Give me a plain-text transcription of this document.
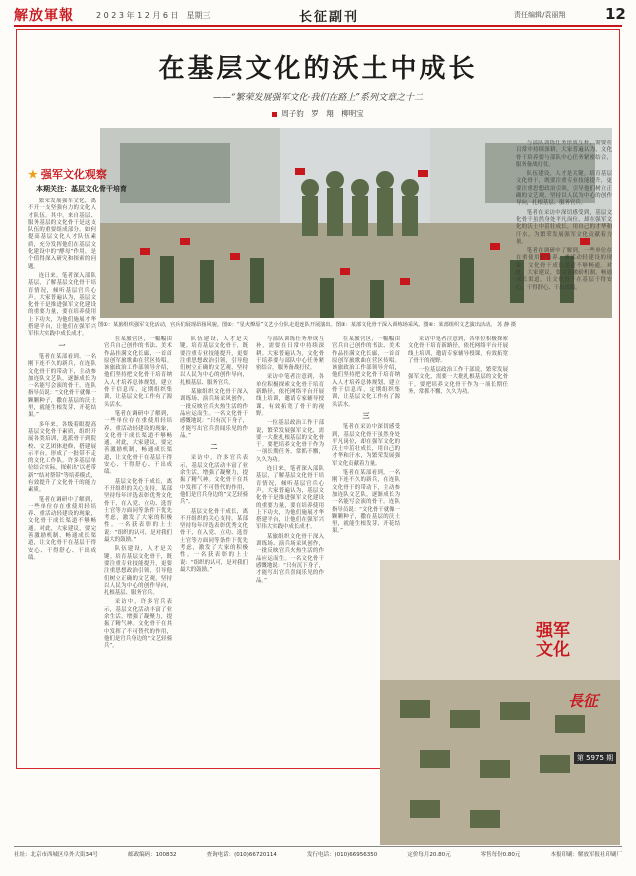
解放軍報	2 0 2 3 年 1 2 月 6 日　星期三	长征副刊	责任编辑/袁丽翔	12
在基层文化的沃土中成长
——“繁荣发展强军文化·我们在路上”系列文章之十二
周子豹　罗　翔　柳明宝
图①：某旅组织强军文化活动，官兵们展现昂扬风貌。图②：“星火燎原”文艺小分队走进连队开展演出。图③：某部文化骨干深入训练场采风。图④：某部组织文艺演出活动。 苏 静 摄
★ 强军文化观察
本期关注：基层文化骨干培育

繁荣发展强军文化，离不开一支坚强有力的文化人才队伍。其中，来自基层、服务基层的文化骨干是这支队伍的重要组成部分。如何提高基层文化人才队伍素质，充分发挥他们在基层文化建设中的“酵母”作用，是个值得深入研究和探索的问题。

连日来，笔者深入部队基层，了解基层文化骨干培育情况，倾听基层官兵心声。大家普遍认为，基层文化骨干是推进强军文化建设的重要力量，要在培养使用上下功夫，为他们施展才华搭建平台，让他们在强军兴军伟大实践中成长成才。

一

笔者在某部看到，一名刚下连不久的新兵，在连队文化骨干的带动下，主动参加连队文艺队，逐渐成长为一名能写会演的骨干。连队指导员说：“文化骨干就像一颗颗种子，撒在基层的沃土里，就能生根发芽、开花结果。”

多年来，各级着眼提高基层文化骨干素质，组织开展各类培训，选派骨干到院校、文艺团体进修，搭建展示平台，形成了一批带不走的文化工作队。许多基层单位结合实际，探索出“以老带新”“结对帮带”等培养模式，有效提升了文化骨干的能力素质。

笔者在调研中了解到，一些单位存在重使用轻培养、重活动轻建设的现象，文化骨干成长渠道不够畅通。对此，大家建议，要完善激励机制，畅通成长渠道，让文化骨干在基层干得安心、干得舒心、干出成绩。

在某旅营区，一幅幅由官兵自己创作的书法、美术作品挂满文化长廊，一首首原创军旅歌曲在营区传唱。该旅政治工作部领导介绍，他们坚持把文化骨干培育纳入人才培养总体规划，建立骨干信息库，定期组织集训，让基层文化工作有了源头活水。

笔者在调研中了解到，一些单位存在重使用轻培养、重活动轻建设的现象，文化骨干成长渠道不够畅通。对此，大家建议，要完善激励机制，畅通成长渠道，让文化骨干在基层干得安心、干得舒心、干出成绩。

基层文化骨干成长，离不开组织的关心支持。某部坚持每年评选表彰优秀文化骨干，在入党、立功、选晋士官等方面同等条件下优先考虑，激发了大家的积极性。一名获表彰的上士说：“组织的认可，是对我们最大的鼓励。”

队伍建设，人才是关键。培育基层文化骨干，既要注重专业技能提升，更要注重思想政治引领，引导他们树立正确的文艺观，坚持以人民为中心的创作导向，扎根基层、服务官兵。

采访中，许多官兵表示，基层文化活动丰富了业余生活，增强了凝聚力，提振了精气神。文化骨干在其中发挥了不可替代的作用，他们是官兵身边的“文艺轻骑兵”。

队伍建设，人才是关键。培育基层文化骨干，既要注重专业技能提升，更要注重思想政治引领，引导他们树立正确的文艺观，坚持以人民为中心的创作导向，扎根基层、服务官兵。

某旅组织文化骨干深入训练场、演兵场采风创作，一批反映官兵火热生活的作品应运而生。一名文化骨干感慨地说：“只有沉下身子，才能写出官兵喜闻乐见的作品。”

二

采访中，许多官兵表示，基层文化活动丰富了业余生活，增强了凝聚力，提振了精气神。文化骨干在其中发挥了不可替代的作用，他们是官兵身边的“文艺轻骑兵”。

基层文化骨干成长，离不开组织的关心支持。某部坚持每年评选表彰优秀文化骨干，在入党、立功、选晋士官等方面同等条件下优先考虑，激发了大家的积极性。一名获表彰的上士说：“组织的认可，是对我们最大的鼓励。”

与部队训练任务形成互补，需要在日常中持续深耕。大家普遍认为，文化骨干培养要与部队中心任务紧密结合，服务备战打仗。

采访中笔者注意到，各单位积极探索文化骨干培育新路径，依托网络平台开展线上培训，邀请专家辅导授课，有效拓宽了骨干的视野。

一位基层政治工作干部说，繁荣发展强军文化，需要一大批扎根基层的文化骨干。要把培养文化骨干作为一项长期任务，常抓不懈，久久为功。

连日来，笔者深入部队基层，了解基层文化骨干培育情况，倾听基层官兵心声。大家普遍认为，基层文化骨干是推进强军文化建设的重要力量，要在培养使用上下功夫，为他们施展才华搭建平台，让他们在强军兴军伟大实践中成长成才。

某旅组织文化骨干深入训练场、演兵场采风创作，一批反映官兵火热生活的作品应运而生。一名文化骨干感慨地说：“只有沉下身子，才能写出官兵喜闻乐见的作品。”

在某旅营区，一幅幅由官兵自己创作的书法、美术作品挂满文化长廊，一首首原创军旅歌曲在营区传唱。该旅政治工作部领导介绍，他们坚持把文化骨干培育纳入人才培养总体规划，建立骨干信息库，定期组织集训，让基层文化工作有了源头活水。

三

笔者在采访中深切感受到，基层文化骨干虽然身处平凡岗位，却在强军文化的沃土中茁壮成长，用自己的才华和汗水，为繁荣发展强军文化贡献着力量。

笔者在某部看到，一名刚下连不久的新兵，在连队文化骨干的带动下，主动参加连队文艺队，逐渐成长为一名能写会演的骨干。连队指导员说：“文化骨干就像一颗颗种子，撒在基层的沃土里，就能生根发芽、开花结果。”

采访中笔者注意到，各单位积极探索文化骨干培育新路径，依托网络平台开展线上培训，邀请专家辅导授课，有效拓宽了骨干的视野。

一位基层政治工作干部说，繁荣发展强军文化，需要一大批扎根基层的文化骨干。要把培养文化骨干作为一项长期任务，常抓不懈，久久为功。

与部队训练任务形成互补，需要在日常中持续深耕。大家普遍认为，文化骨干培养要与部队中心任务紧密结合，服务备战打仗。

队伍建设，人才是关键。培育基层文化骨干，既要注重专业技能提升，更要注重思想政治引领，引导他们树立正确的文艺观，坚持以人民为中心的创作导向，扎根基层、服务官兵。

笔者在采访中深切感受到，基层文化骨干虽然身处平凡岗位，却在强军文化的沃土中茁壮成长，用自己的才华和汗水，为繁荣发展强军文化贡献着力量。

笔者在调研中了解到，一些单位存在重使用轻培养、重活动轻建设的现象，文化骨干成长渠道不够畅通。对此，大家建议，要完善激励机制，畅通成长渠道，让文化骨干在基层干得安心、干得舒心、干出成绩。

强军
文化
長征
第 5975 期
社址：北京市西城区阜外大街34号	邮政编码：100832	查询电话：(010)66720114	发行电话：(010)66956350	定价每月20.80元	零售每份0.80元	本报印刷：解放军报社印刷厂
